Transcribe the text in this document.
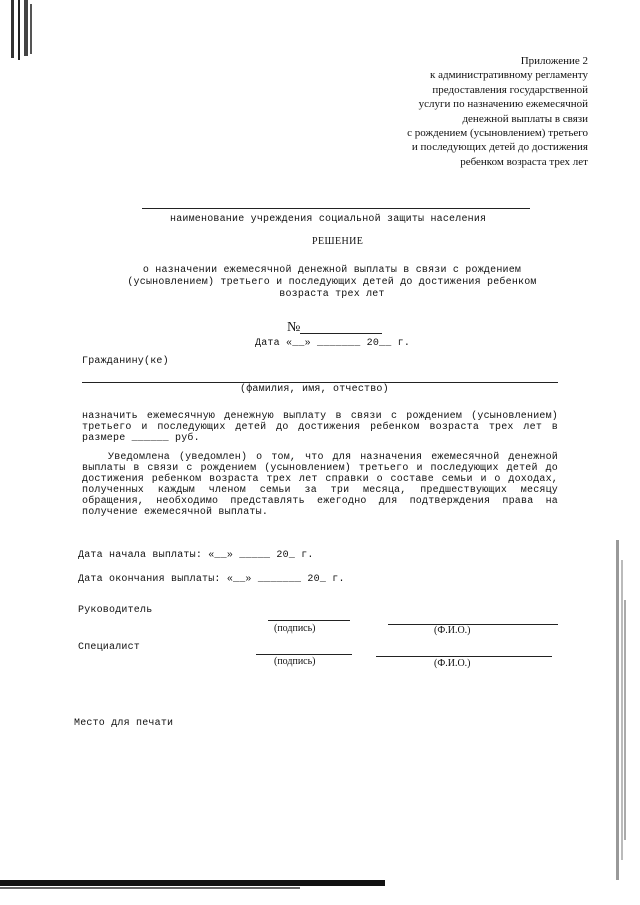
Приложение 2
к административному регламенту
предоставления государственной
услуги по назначению ежемесячной
денежной выплаты в связи
с рождением (усыновлением) третьего
и последующих детей до достижения
ребенком возраста трех лет
наименование учреждения социальной защиты населения
РЕШЕНИЕ
о назначении ежемесячной денежной выплаты в связи с рождением (усыновлением) третьего и последующих детей до достижения ребенком возраста трех лет
№
Дата «__» _______ 20__ г.
Гражданину(ке)
(фамилия, имя, отчество)
назначить ежемесячную денежную выплату в связи с рождением (усыновлением) третьего и последующих детей до достижения ребенком возраста трех лет в размере ______ руб.
Уведомлена (уведомлен) о том, что для назначения ежемесячной денежной выплаты в связи с рождением (усыновлением) третьего и последующих детей до достижения ребенком возраста трех лет справки о составе семьи и о доходах, полученных каждым членом семьи за три месяца, предшествующих месяцу обращения, необходимо представлять ежегодно для подтверждения права на получение ежемесячной выплаты.
Дата начала выплаты: «__» _____ 20_ г.
Дата окончания выплаты: «__» _______ 20_ г.
Руководитель
(подпись)	(Ф.И.О.)
Специалист
(подпись)	(Ф.И.О.)
Место для печати
